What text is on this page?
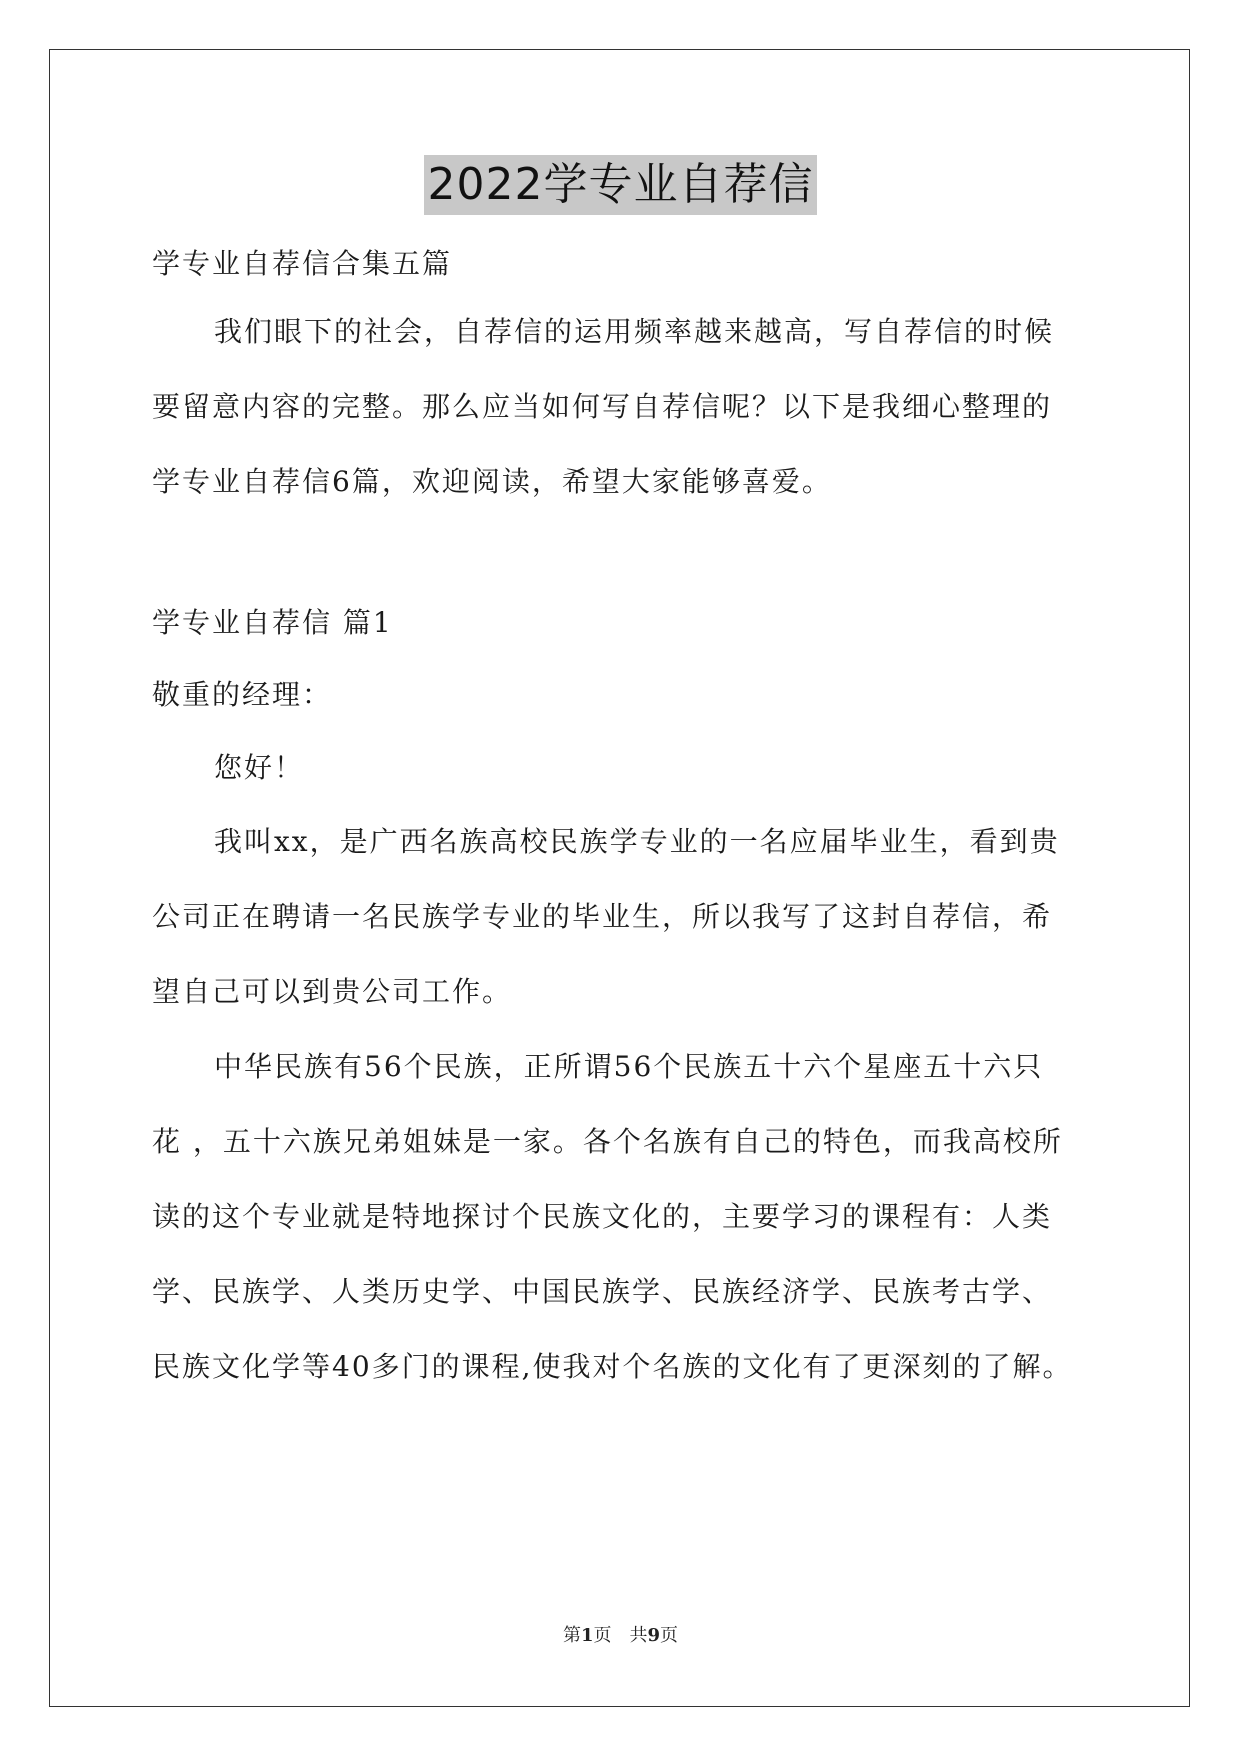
2022学专业自荐信
学专业自荐信合集五篇
我们眼下的社会，自荐信的运用频率越来越高，写自荐信的时候
要留意内容的完整。那么应当如何写自荐信呢？以下是我细心整理的
学专业自荐信6篇，欢迎阅读，希望大家能够喜爱。
学专业自荐信 篇1
敬重的经理：
您好！
我叫xx，是广西名族高校民族学专业的一名应届毕业生，看到贵
公司正在聘请一名民族学专业的毕业生，所以我写了这封自荐信，希
望自己可以到贵公司工作。
中华民族有56个民族，正所谓56个民族五十六个星座五十六只
花 ，五十六族兄弟姐妹是一家。各个名族有自己的特色，而我高校所
读的这个专业就是特地探讨个民族文化的，主要学习的课程有：人类
学、民族学、人类历史学、中国民族学、民族经济学、民族考古学、
民族文化学等40多门的课程,使我对个名族的文化有了更深刻的了解。
第1页　共9页
